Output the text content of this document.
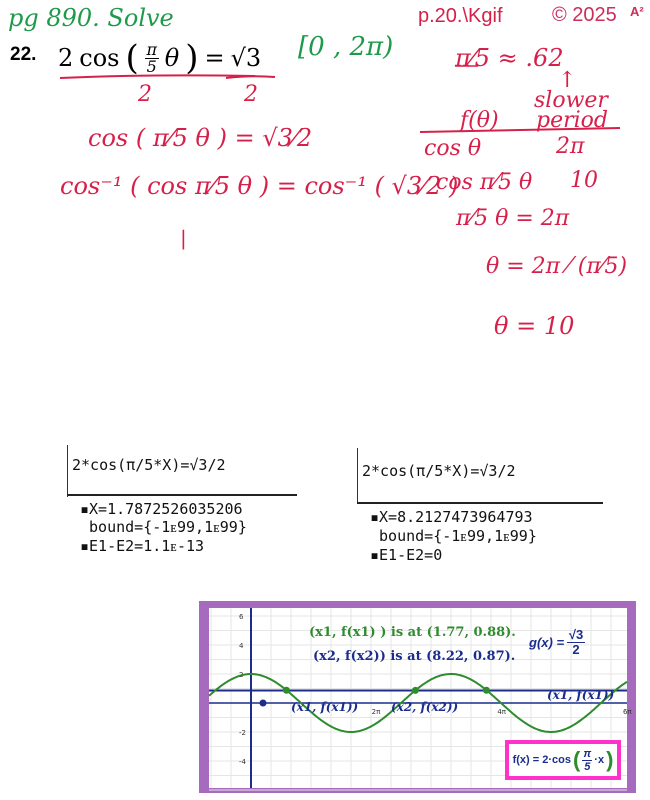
pg 890. Solve	p.20.\Kgif © 2025 A²
22. 2 cos ( π
5 θ ) = √3 [0 , 2π)
2	2
cos ( π⁄5 θ ) = √3⁄2
cos⁻¹ ( cos π⁄5 θ ) = cos⁻¹ ( √3⁄2 )
|
π⁄5 ≈ .62
↑
slower
period
f(θ)
cos θ	2π
cos π⁄5 θ 10
π⁄5 θ = 2π
θ = 2π ⁄ (π⁄5)
θ = 10
2*cos(π/5*X)=√3/2
▪X=1.7872526035206
bound={-1ᴇ99,1ᴇ99}
▪E1-E2=1.1ᴇ-13
2*cos(π/5*X)=√3/2
▪X=8.2127473964793
bound={-1ᴇ99,1ᴇ99}
▪E1-E2=0
6
4
2
-2
-4
2π	4π	6π
(x1, f(x1) ) is at (1.77, 0.88).
(x2, f(x2)) is at (8.22, 0.87).
g(x) =
√3
2
(x1, f(x1))	(x2, f(x2))
(x1, f(x1))
f(x) = 2·cos ( π
5
·x )
